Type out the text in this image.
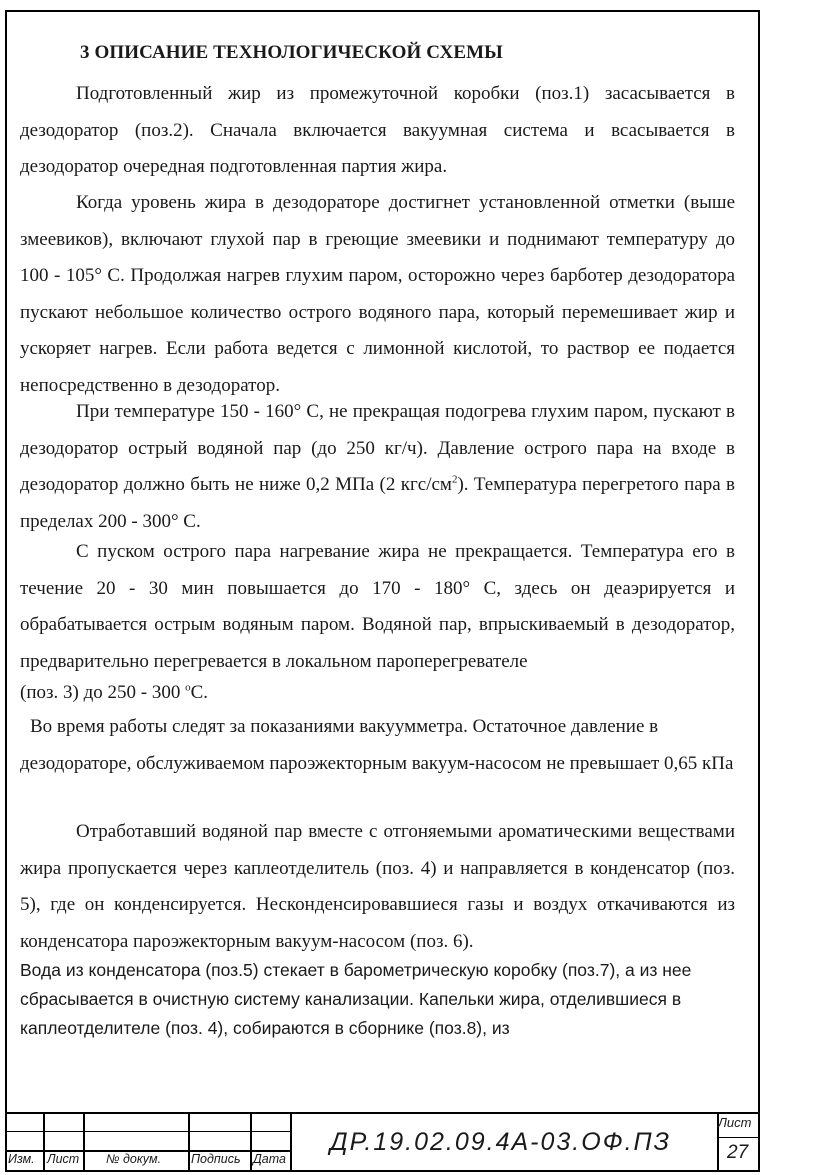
3 ОПИСАНИЕ ТЕХНОЛОГИЧЕСКОЙ СХЕМЫ
Подготовленный жир из промежуточной коробки (поз.1) засасывается в дезодоратор (поз.2). Сначала включается вакуумная система и всасывается в дезодоратор очередная подготовленная партия жира.
Когда уровень жира в дезодораторе достигнет установленной отметки (выше змеевиков), включают глухой пар в греющие змеевики и поднимают температуру до 100 - 105° С. Продолжая нагрев глухим паром, осторожно через барботер дезодоратора пускают небольшое количество острого водяного пара, который перемешивает жир и ускоряет нагрев. Если работа ведется с лимонной кислотой, то раствор ее подается непосредственно в дезодоратор.
При температуре 150 - 160° С, не прекращая подогрева глухим паром, пускают в дезодоратор острый водяной пар (до 250 кг/ч). Давление острого пара на входе в дезодоратор должно быть не ниже 0,2 МПа (2 кгс/$см^2$). Температура перегретого пара в пределах 200 - 300° С.
С пуском острого пара нагревание жира не прекращается. Температура его в течение 20 - 30 мин повышается до 170 - 180° С, здесь он деаэрируется и обрабатывается острым водяным паром. Водяной пар, впрыскиваемый в дезодоратор, предварительно перегревается в локальном пароперегревателе
(поз. 3) до 250 - 300 $^о$С.
Во время работы следят за показаниями вакуумметра. Остаточное давление в дезодораторе, обслуживаемом пароэжекторным вакуум-насосом не превышает 0,65 кПа
Отработавший водяной пар вместе с отгоняемыми ароматическими веществами жира пропускается через каплеотделитель (поз. 4) и направляется в конденсатор (поз. 5), где он конденсируется. Несконденсировавшиеся газы и воздух откачиваются из конденсатора пароэжекторным вакуум-насосом (поз. 6).
Вода из конденсатора (поз.5) стекает в барометрическую коробку (поз.7), а из нее сбрасывается в очистную систему канализации. Капельки жира, отделившиеся в каплеотделителе (поз. 4), собираются в сборнике (поз.8), из
Изм. Лист № докум. Подпись Дата
ДР.19.02.09.4А-03.ОФ.ПЗ
Лист
27
